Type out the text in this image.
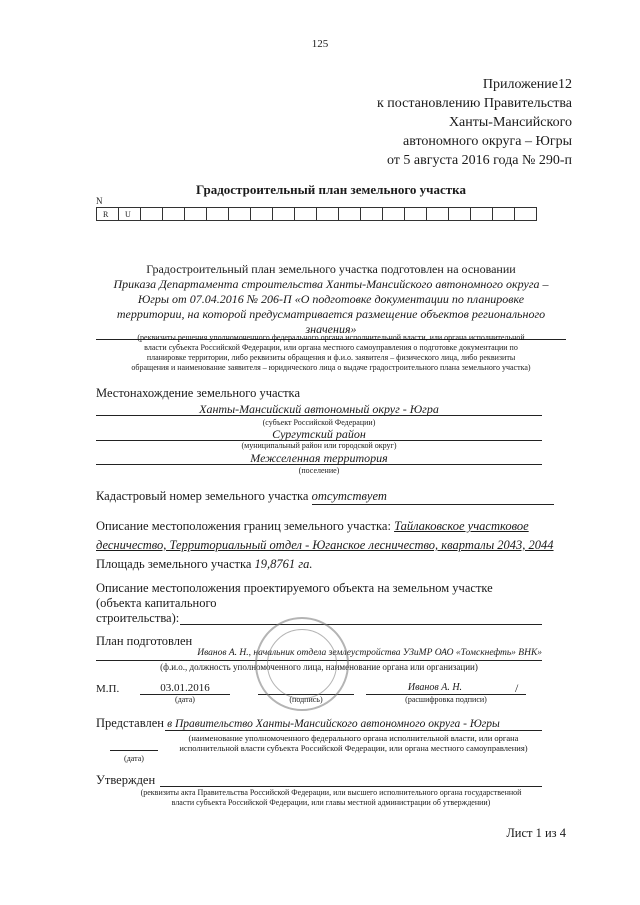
125
Приложение12
к постановлению Правительства
Ханты-Мансийского
автономного округа – Югры
от 5 августа 2016 года № 290-п
Градостроительный план земельного участка
N
R	U																		
Градостроительный план земельного участка подготовлен на основании
Приказа Департамента строительства Ханты-Мансийского автономного округа –
Югры от 07.04.2016 № 206-П «О подготовке документации по планировке
территории, на которой предусматривается размещение объектов регионального
значения»
(реквизиты решения уполномоченного федерального органа исполнительной власти, или органа исполнительной
власти субъекта Российской Федерации, или органа местного самоуправления о подготовке документации по
планировке территории, либо реквизиты обращения и ф.и.о. заявителя – физического лица, либо реквизиты
обращения и наименование заявителя – юридического лица о выдаче градостроительного плана земельного участка)
Местонахождение земельного участка
Ханты-Мансийский автономный округ - Югра
(субъект Российской Федерации)
Сургутский район
(муниципальный район или городской округ)
Межселенная территория
(поселение)
Кадастровый номер земельного участка отсутствует
Описание местоположения границ земельного участка: Тайлаковское участковое
десничество, Территориальный отдел - Юганское лесничество, кварталы 2043, 2044
Площадь земельного участка 19,8761 га.
Описание местоположения проектируемого объекта на земельном участке
(объекта капитального
строительства):
План подготовлен
Иванов А. Н., начальник отдела землеустройства УЗиМР ОАО «Томскнефть» ВНК»
(ф.и.о., должность уполномоченного лица, наименование органа или организации)
М.П.	03.01.2016
(дата)	(подпись)
Иванов А. Н.	/
(расшифровка подписи)
Представлен в Правительство Ханты-Мансийского автономного округа - Югры
(наименование уполномоченного федерального органа исполнительной власти, или органа
исполнительной власти субъекта Российской Федерации, или органа местного самоуправления)
(дата)
Утвержден
(реквизиты акта Правительства Российской Федерации, или высшего исполнительного органа государственной
власти субъекта Российской Федерации, или главы местной администрации об утверждении)
Лист 1 из 4
